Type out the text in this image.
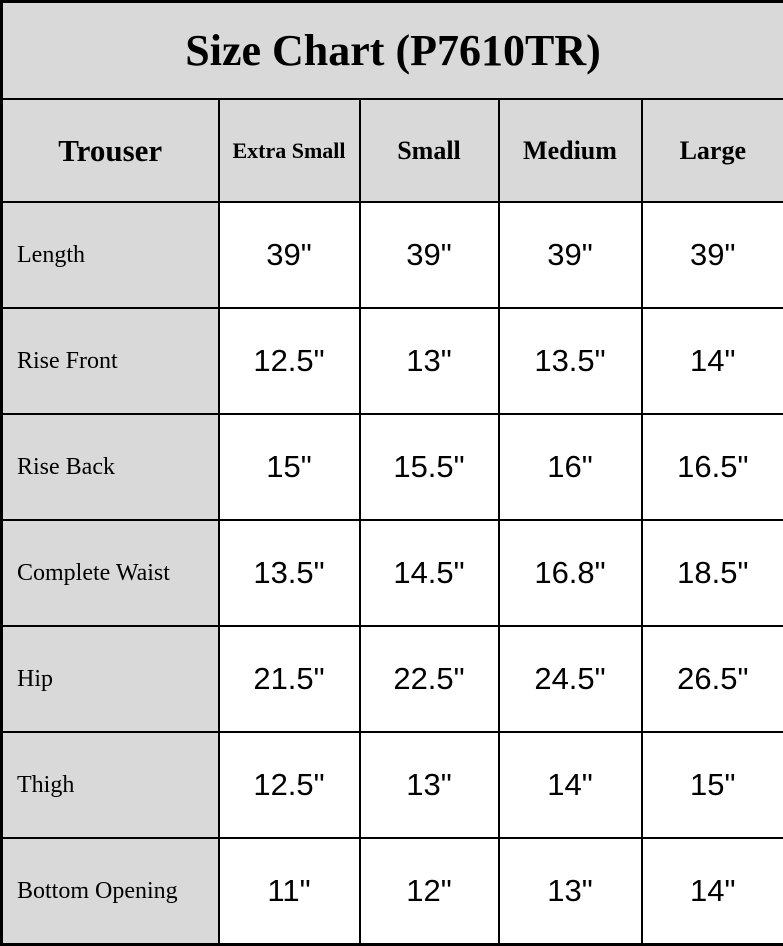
Size Chart (P7610TR)				
Trouser	Extra Small	Small	Medium	Large
Length	39"	39"	39"	39"
Rise Front	12.5"	13"	13.5"	14"
Rise Back	15"	15.5"	16"	16.5"
Complete Waist	13.5"	14.5"	16.8"	18.5"
Hip	21.5"	22.5"	24.5"	26.5"
Thigh	12.5"	13"	14"	15"
Bottom Opening	11"	12"	13"	14"
